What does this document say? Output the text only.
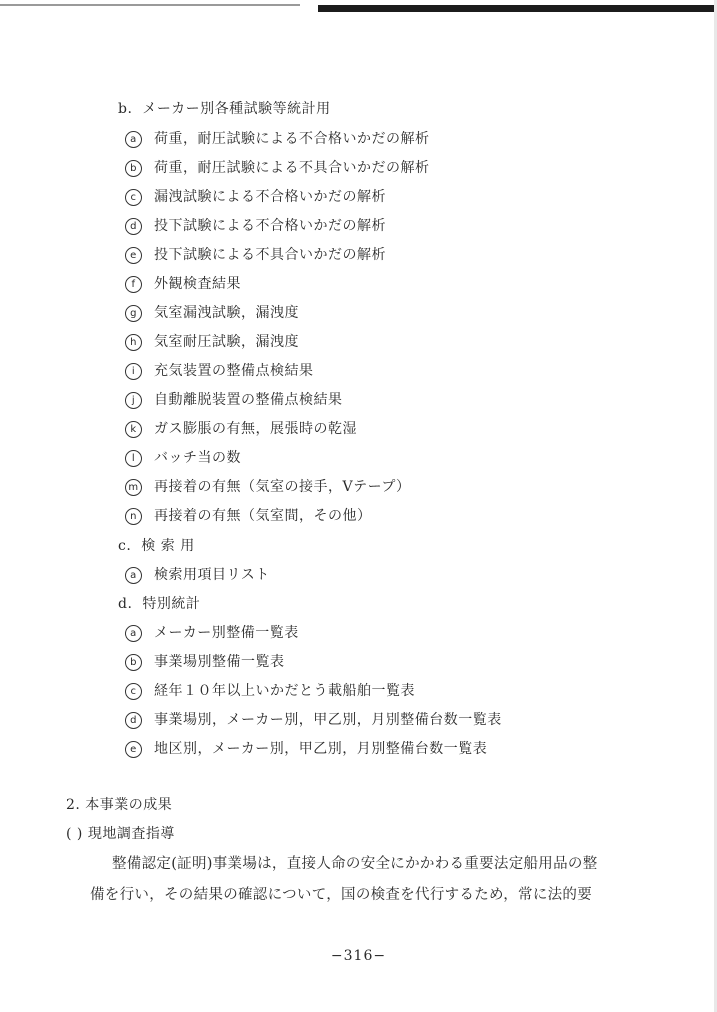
b. メーカー別各種試験等統計用
a 荷重，耐圧試験による不合格いかだの解析
b 荷重，耐圧試験による不具合いかだの解析
c 漏洩試験による不合格いかだの解析
d 投下試験による不合格いかだの解析
e 投下試験による不具合いかだの解析
f 外観検査結果
g 気室漏洩試験，漏洩度
h 気室耐圧試験，漏洩度
i 充気装置の整備点検結果
j 自動離脱装置の整備点検結果
k ガス膨脹の有無，展張時の乾湿
l バッチ当の数
m 再接着の有無（気室の接手，Vテープ）
n 再接着の有無（気室間，その他）
c. 検 索 用
a 検索用項目リスト
d. 特別統計
a メーカー別整備一覧表
b 事業場別整備一覧表
c 経年１０年以上いかだとう載船舶一覧表
d 事業場別，メーカー別，甲乙別，月別整備台数一覧表
e 地区別，メーカー別，甲乙別，月別整備台数一覧表
2. 本事業の成果
( ) 現地調査指導
整備認定(証明)事業場は，直接人命の安全にかかわる重要法定船用品の整
備を行い，その結果の確認について，国の検査を代行するため，常に法的要
−316−
